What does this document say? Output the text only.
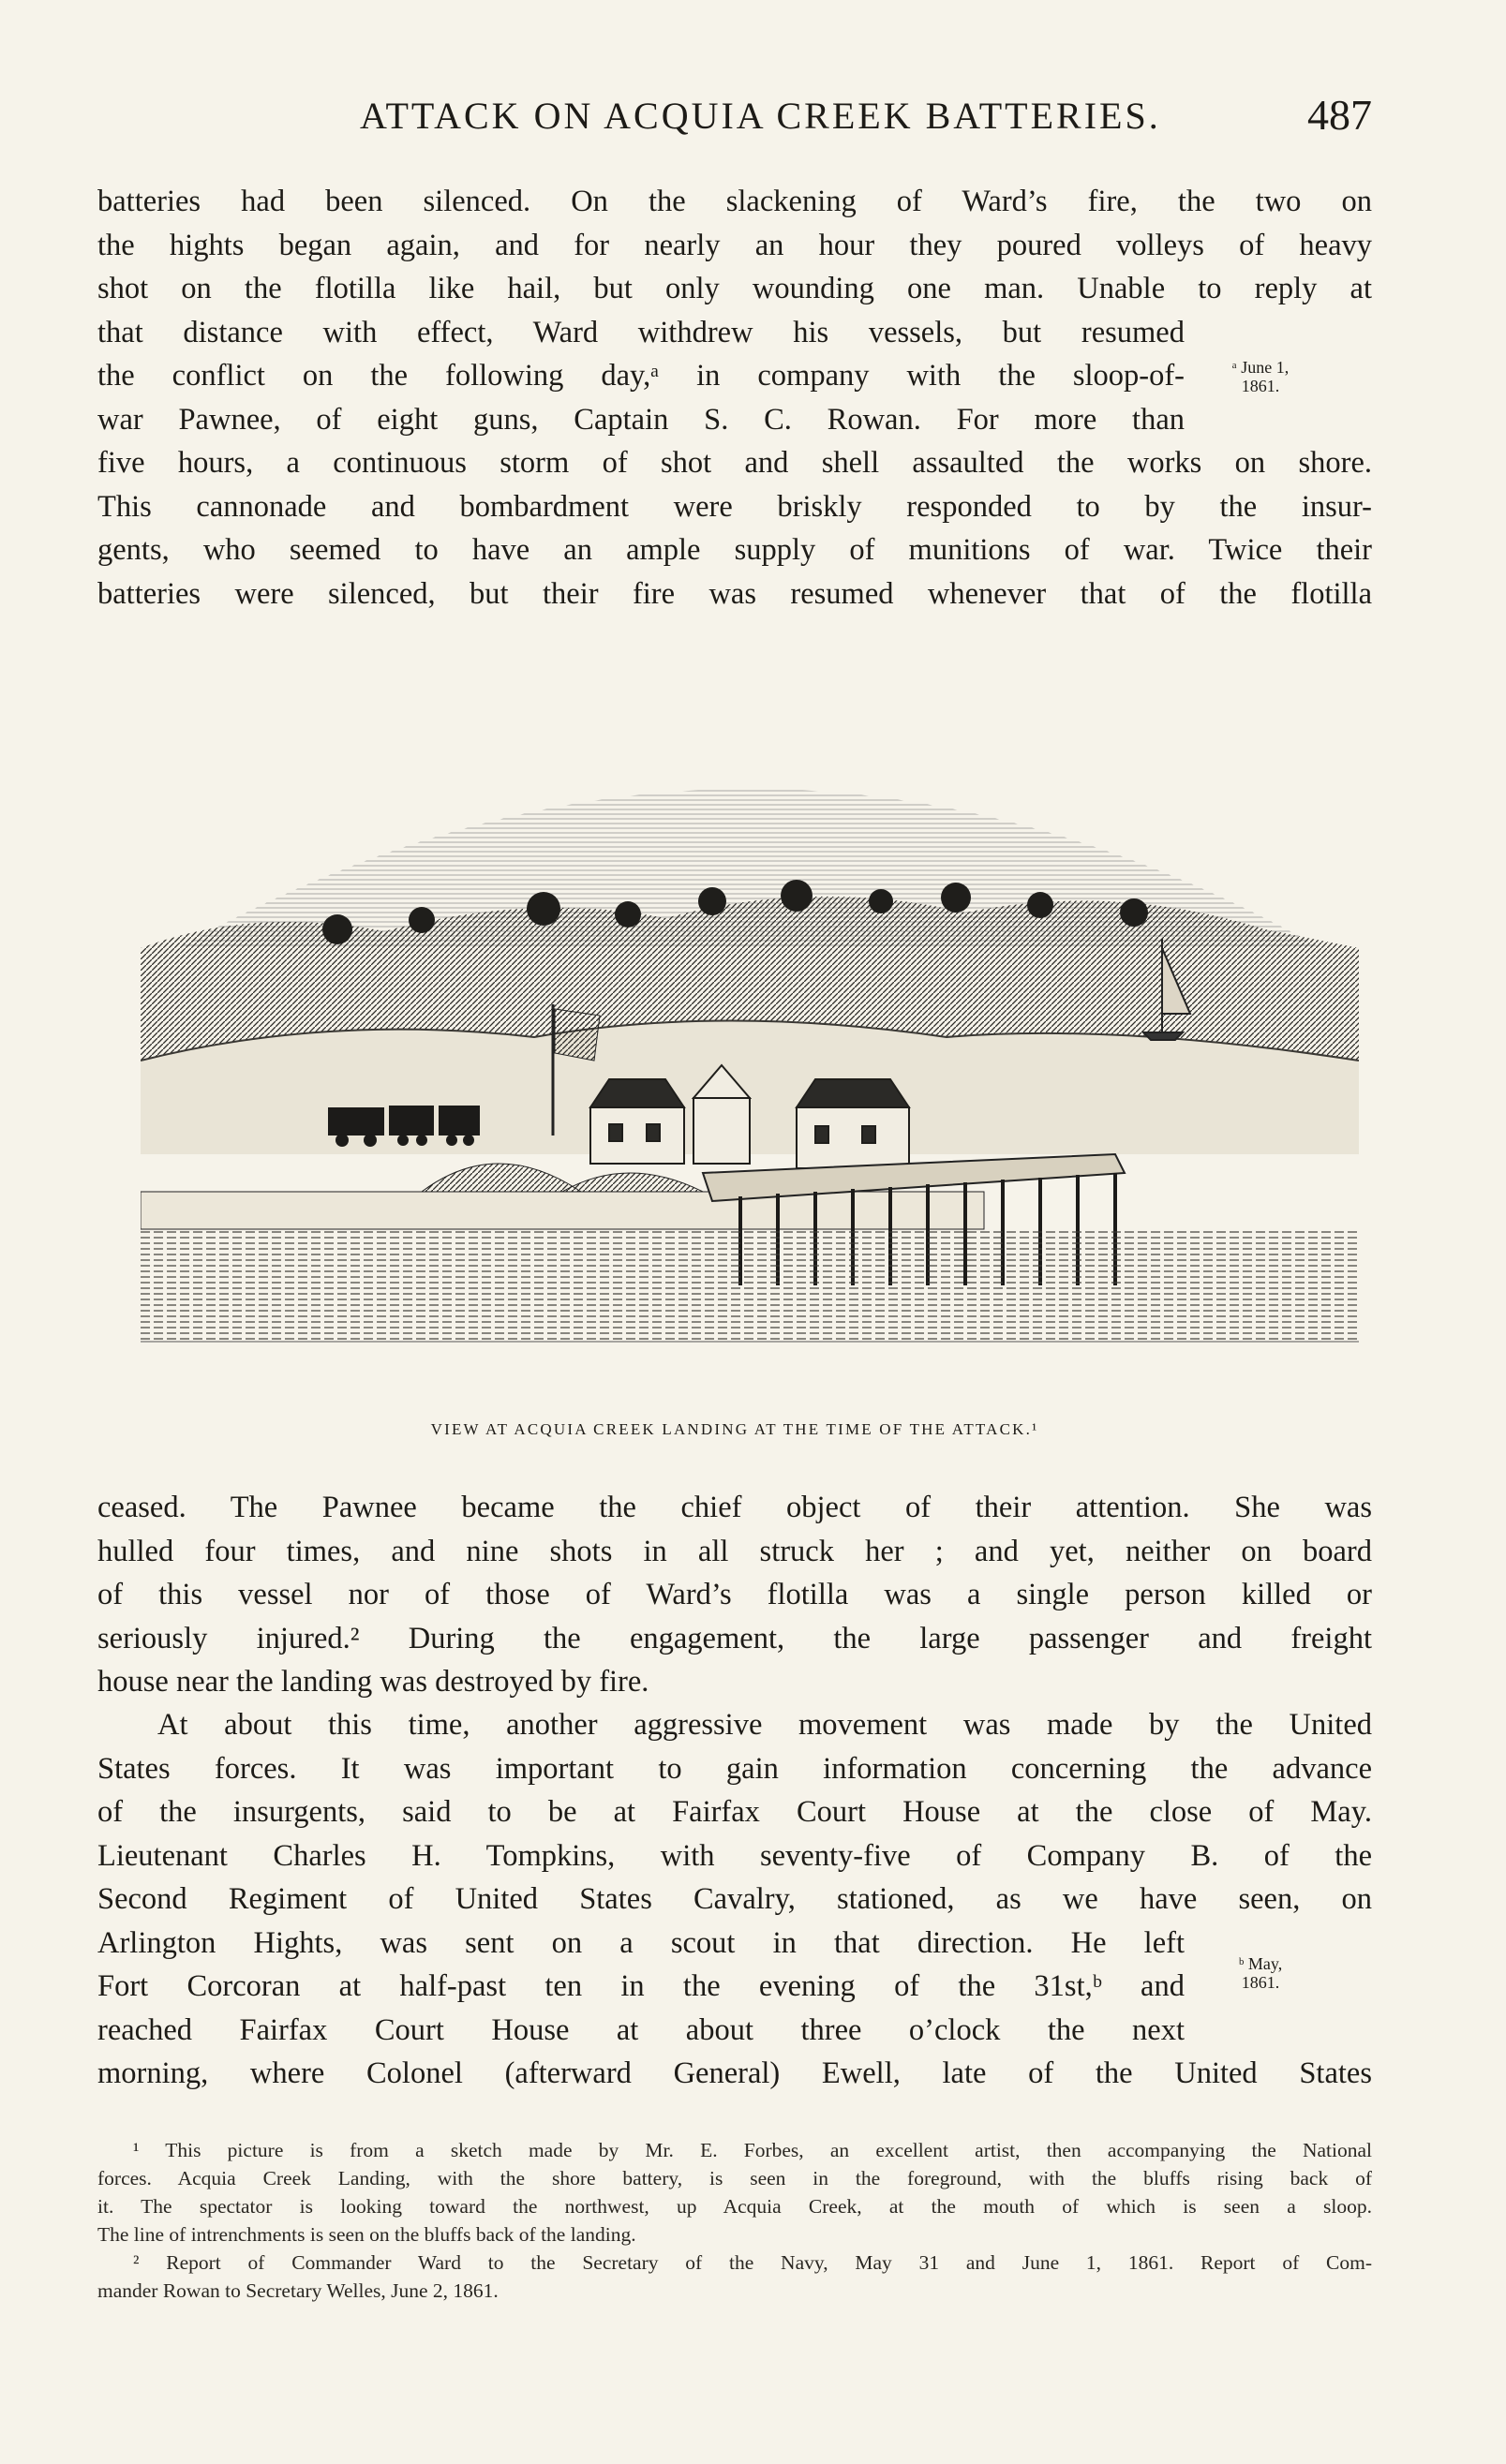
ATTACK ON ACQUIA CREEK BATTERIES.	487
batteries had been silenced. On the slackening of Ward’s fire, the two on
the hights began again, and for nearly an hour they poured volleys of heavy
shot on the flotilla like hail, but only wounding one man. Unable to reply at
that distance with effect, Ward withdrew his vessels, but resumed
the conflict on the following day,ᵃ in company with the sloop-of-
war Pawnee, of eight guns, Captain S. C. Rowan. For more than
five hours, a continuous storm of shot and shell assaulted the works on shore.
This cannonade and bombardment were briskly responded to by the insur-
gents, who seemed to have an ample supply of munitions of war. Twice their
batteries were silenced, but their fire was resumed whenever that of the flotilla
ᵃ June 1, 1861.
VIEW AT ACQUIA CREEK LANDING AT THE TIME OF THE ATTACK.¹
ceased. The Pawnee became the chief object of their attention. She was
hulled four times, and nine shots in all struck her ; and yet, neither on board
of this vessel nor of those of Ward’s flotilla was a single person killed or
seriously injured.² During the engagement, the large passenger and freight
house near the landing was destroyed by fire.
At about this time, another aggressive movement was made by the United
States forces. It was important to gain information concerning the advance
of the insurgents, said to be at Fairfax Court House at the close of May.
Lieutenant Charles H. Tompkins, with seventy-five of Company B. of the
Second Regiment of United States Cavalry, stationed, as we have seen, on
Arlington Hights, was sent on a scout in that direction. He left
Fort Corcoran at half-past ten in the evening of the 31st,ᵇ and
reached Fairfax Court House at about three o’clock the next
morning, where Colonel (afterward General) Ewell, late of the United States
ᵇ May, 1861.
¹ This picture is from a sketch made by Mr. E. Forbes, an excellent artist, then accompanying the National
forces. Acquia Creek Landing, with the shore battery, is seen in the foreground, with the bluffs rising back of
it. The spectator is looking toward the northwest, up Acquia Creek, at the mouth of which is seen a sloop.
The line of intrenchments is seen on the bluffs back of the landing.
² Report of Commander Ward to the Secretary of the Navy, May 31 and June 1, 1861. Report of Com-
mander Rowan to Secretary Welles, June 2, 1861.
